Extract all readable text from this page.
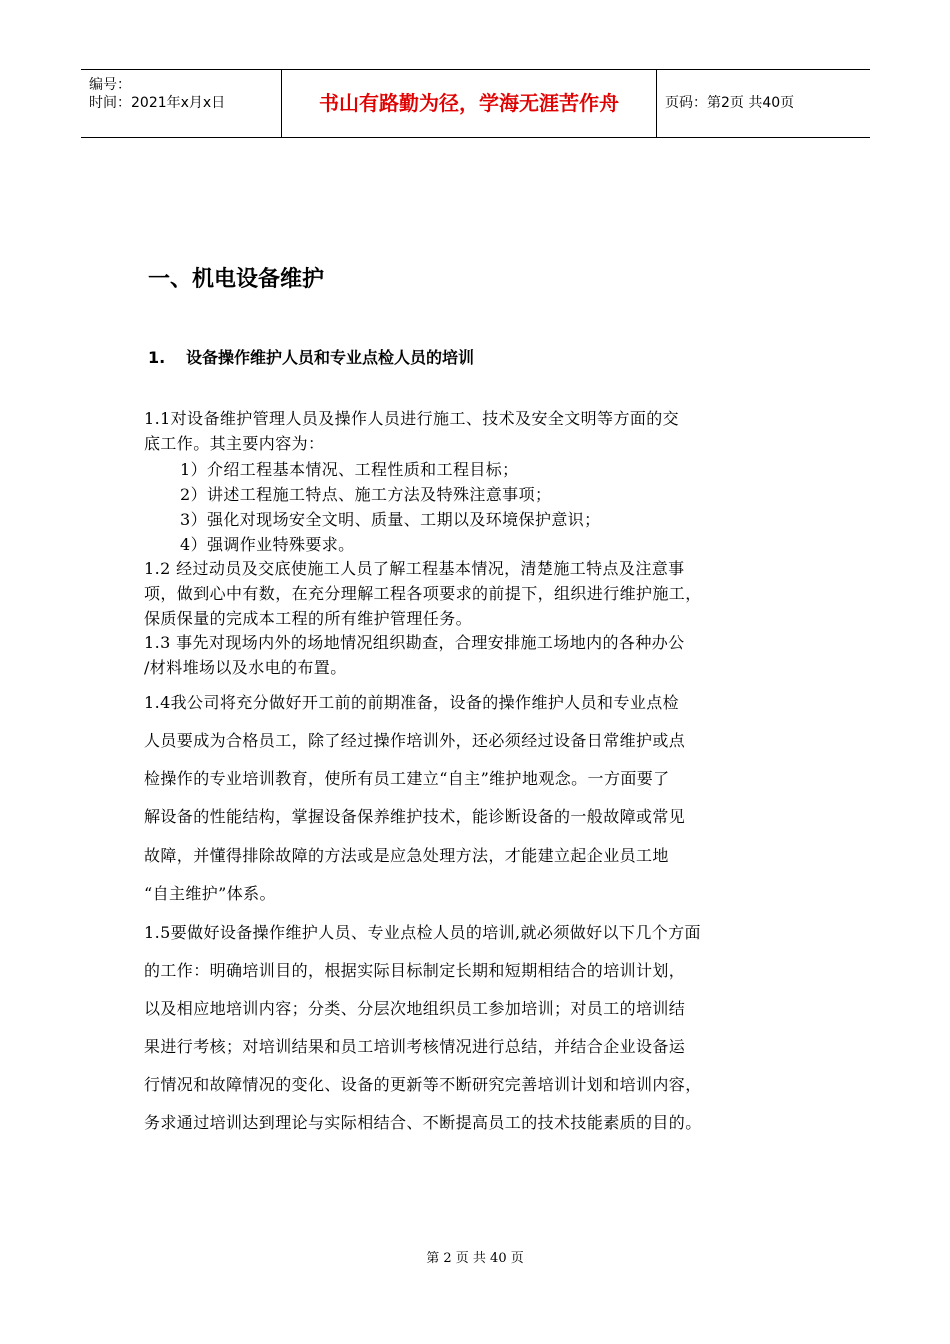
编号：
时间：2021年x月x日	书山有路勤为径，学海无涯苦作舟	页码：第2页 共40页
一、机电设备维护
1. 设备操作维护人员和专业点检人员的培训
1.1对设备维护管理人员及操作人员进行施工、技术及安全文明等方面的交
底工作。其主要内容为：
1）介绍工程基本情况、工程性质和工程目标；
2）讲述工程施工特点、施工方法及特殊注意事项；
3）强化对现场安全文明、质量、工期以及环境保护意识；
4）强调作业特殊要求。
1.2 经过动员及交底使施工人员了解工程基本情况，清楚施工特点及注意事
项，做到心中有数，在充分理解工程各项要求的前提下，组织进行维护施工，
保质保量的完成本工程的所有维护管理任务。
1.3 事先对现场内外的场地情况组织勘查，合理安排施工场地内的各种办公
/材料堆场以及水电的布置。
1.4我公司将充分做好开工前的前期准备，设备的操作维护人员和专业点检
人员要成为合格员工，除了经过操作培训外，还必须经过设备日常维护或点
检操作的专业培训教育，使所有员工建立“自主”维护地观念。一方面要了
解设备的性能结构，掌握设备保养维护技术，能诊断设备的一般故障或常见
故障，并懂得排除故障的方法或是应急处理方法，才能建立起企业员工地
“自主维护”体系。
1.5要做好设备操作维护人员、专业点检人员的培训,就必须做好以下几个方面
的工作：明确培训目的，根据实际目标制定长期和短期相结合的培训计划，
以及相应地培训内容；分类、分层次地组织员工参加培训；对员工的培训结
果进行考核；对培训结果和员工培训考核情况进行总结，并结合企业设备运
行情况和故障情况的变化、设备的更新等不断研究完善培训计划和培训内容，
务求通过培训达到理论与实际相结合、不断提高员工的技术技能素质的目的。
第 2 页 共 40 页
